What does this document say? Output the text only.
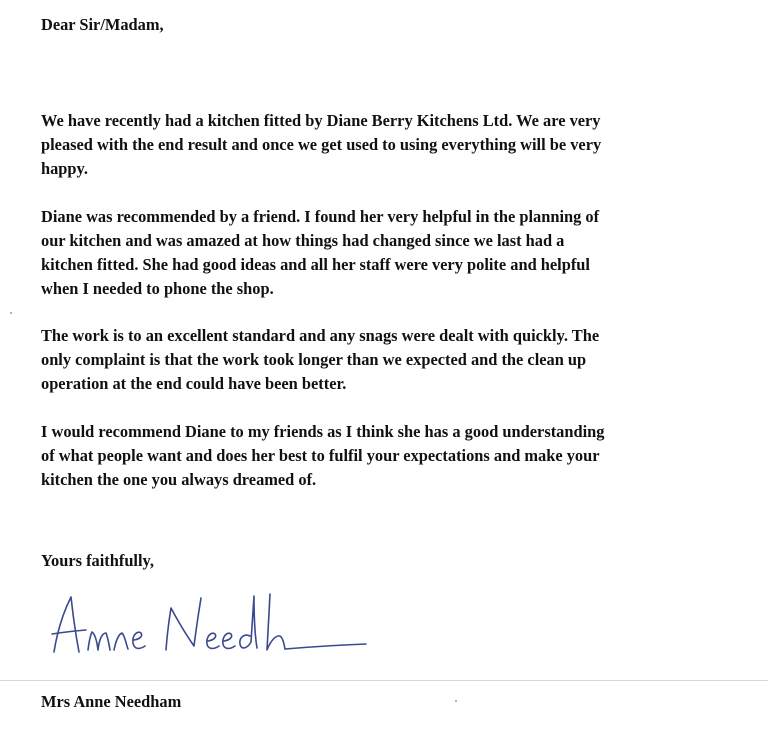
Dear Sir/Madam,

We have recently had a kitchen fitted by Diane Berry Kitchens Ltd. We are very
pleased with the end result and once we get used to using everything will be very
happy.

Diane was recommended by a friend. I found her very helpful in the planning of
our kitchen and was amazed at how things had changed since we last had a
kitchen fitted. She had good ideas and all her staff were very polite and helpful
when I needed to phone the shop.

The work is to an excellent standard and any snags were dealt with quickly. The
only complaint is that the work took longer than we expected and the clean up
operation at the end could have been better.

I would recommend Diane to my friends as I think she has a good understanding
of what people want and does her best to fulfil your expectations and make your
kitchen the one you always dreamed of.

Yours faithfully,

Mrs Anne Needham
